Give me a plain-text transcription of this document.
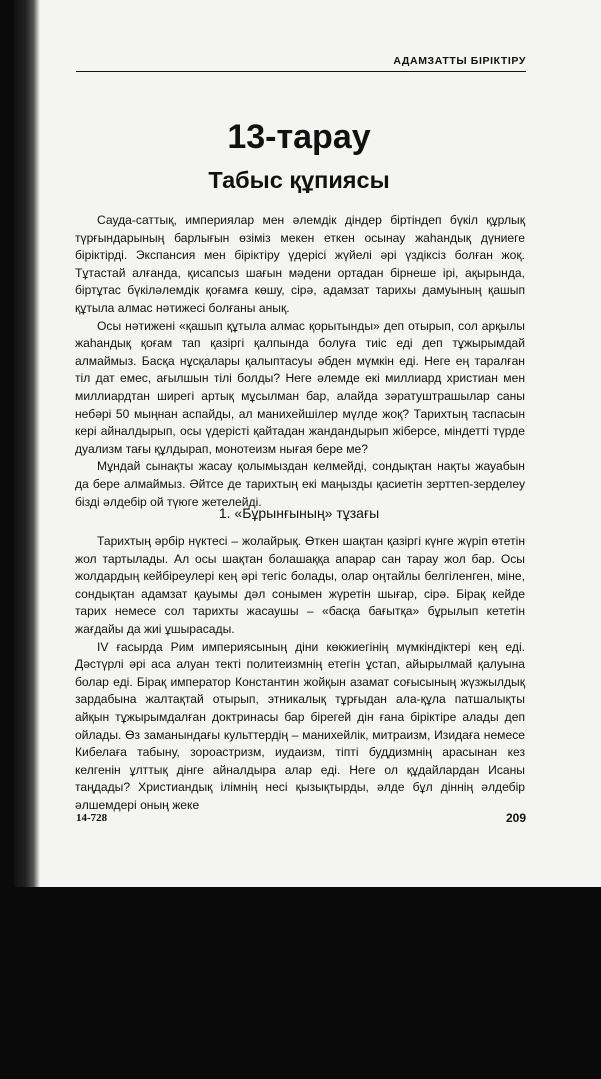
АДАМЗАТТЫ БІРІКТІРУ
13-тарау
Табыс құпиясы

Сауда-саттық, империялар мен әлемдік діндер біртіндеп бүкіл құрлық түрғындарының барлығын өзіміз мекен еткен осынау жаһандық дүниеге біріктірді. Экспансия мен біріктіру үдерісі жүйелі әрі үздіксіз болған жоқ. Тұтастай алғанда, қисапсыз шағын мәдени ортадан бірнеше ірі, ақырында, біртұтас бүкіләлемдік қоғамға көшу, сірә, адамзат тарихы дамуының қашып құтыла алмас нәтижесі болғаны анық.

Осы нәтижені «қашып құтыла алмас қорытынды» деп отырып, сол арқылы жаһандық қоғам тап қазіргі қалпында болуға тиіс еді деп тұжырымдай алмаймыз. Басқа нұсқалары қалыптасуы әбден мүмкін еді. Неге ең таралған тіл дат емес, ағылшын тілі болды? Неге әлемде екі миллиард христиан мен миллиардтан ширегі артық мұсылман бар, алайда зәратуштрашылар саны небәрі 50 мыңнан аспайды, ал манихейшілер мүлде жоқ? Тарихтың таспасын кері айналдырып, осы үдерісті қайтадан жандандырып жіберсе, міндетті түрде дуализм тағы құлдырап, монотеизм нығая бере ме?

Мұндай сынақты жасау қолымыздан келмейді, сондықтан нақты жауабын да бере алмаймыз. Әйтсе де тарихтың екі маңызды қасиетін зерттеп-зерделеу бізді әлдебір ой түюге жетелейді.

1. «Бұрынғының» тұзағы

Тарихтың әрбір нүктесі – жолайрық. Өткен шақтан қазіргі күнге жүріп өтетін жол тартылады. Ал осы шақтан болашаққа апарар сан тарау жол бар. Осы жолдардың кейбіреулері кең әрі тегіс болады, олар оңтайлы белгіленген, міне, сондықтан адамзат қауымы дәл сонымен жүретін шығар, сірә. Бірақ кейде тарих немесе сол тарихты жасаушы – «басқа бағытқа» бұрылып кететін жағдайы да жиі ұшырасады.

IV ғасырда Рим империясының діни көкжиегінің мүмкіндіктері кең еді. Дәстүрлі әрі аса алуан текті политеизмнің етегін ұстап, айырылмай қалуына болар еді. Бірақ император Константин жойқын азамат соғысының жүзжылдық зардабына жалтақтай отырып, этникалық тұрғыдан ала-құла патшалықты айқын тұжырымдалған доктринасы бар бірегей дін ғана біріктіре алады деп ойлады. Өз заманындағы культтердің – манихейлік, митраизм, Изидаға немесе Кибелаға табыну, зороастризм, иудаизм, тіпті буддизмнің арасынан кез келгенін ұлттық дінге айналдыра алар еді. Неге ол құдайлардан Исаны таңдады? Христиандық ілімнің несі қызықтырды, әлде бұл діннің әлдебір әлшемдері оның жеке

14-728	209
